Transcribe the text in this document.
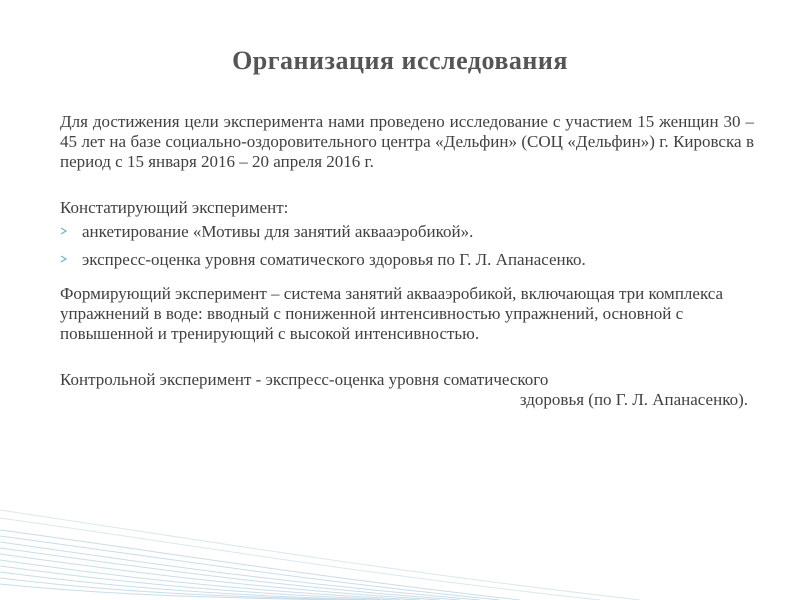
Организация исследования

Для достижения цели эксперимента нами проведено исследование с участием 15 женщин 30 – 45 лет на базе социально-оздоровительного центра «Дельфин» (СОЦ «Дельфин») г. Кировска в период с 15 января 2016 – 20 апреля 2016 г.

Констатирующий эксперимент:

анкетирование «Мотивы для занятий аквааэробикой».
экспресс-оценка уровня соматического здоровья по Г. Л. Апанасенко.

Формирующий эксперимент – система занятий аквааэробикой, включающая три комплекса упражнений в воде: вводный с пониженной интенсивностью упражнений, основной с повышенной и тренирующий с высокой интенсивностью.

Контрольной эксперимент - экспресс-оценка уровня соматического

здоровья (по Г. Л. Апанасенко).
